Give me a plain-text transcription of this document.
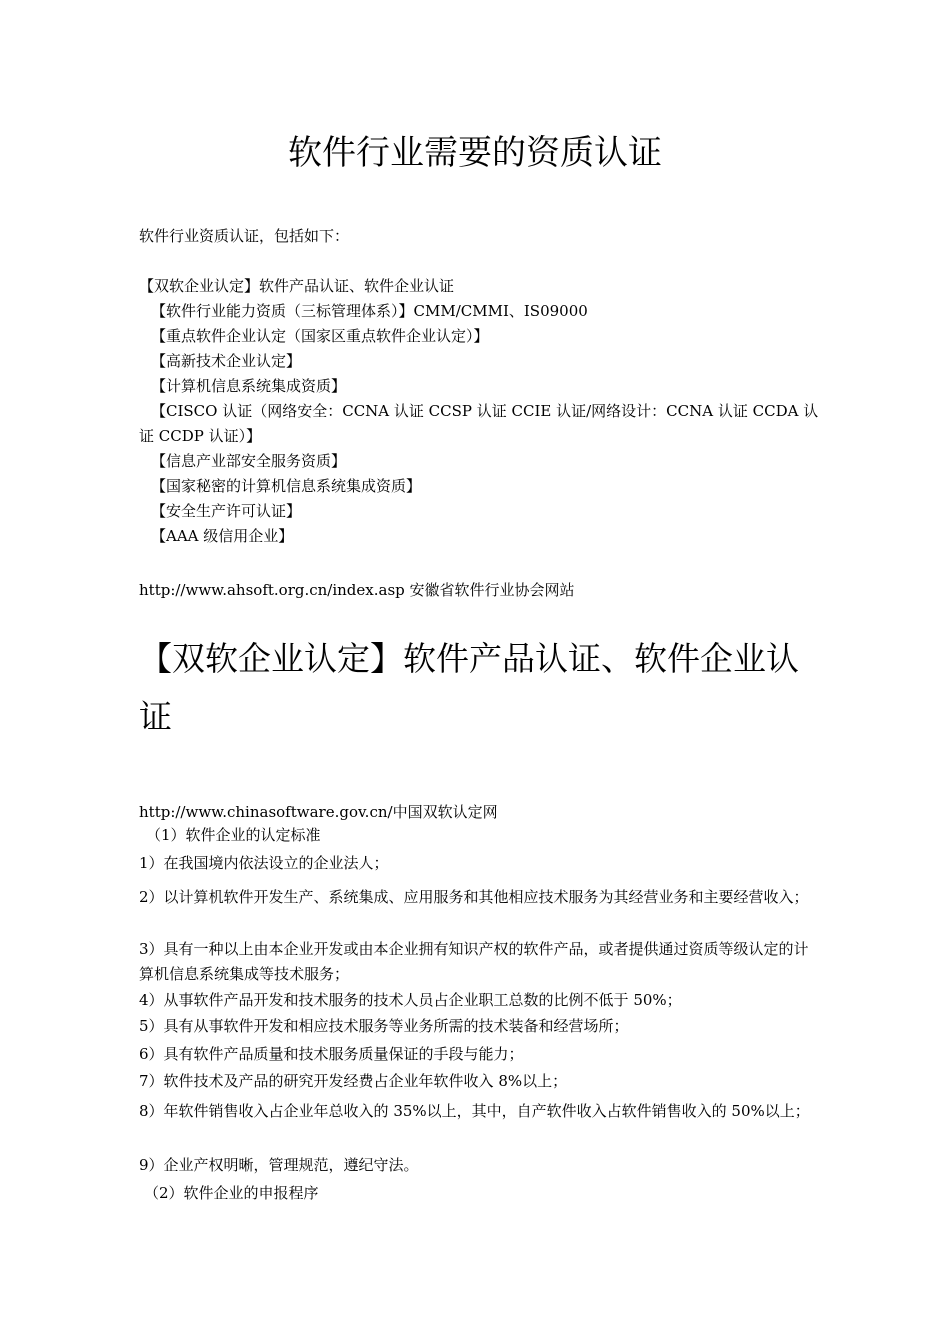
软件行业需要的资质认证

软件行业资质认证，包括如下：

【双软企业认定】软件产品认证、软件企业认证

【软件行业能力资质（三标管理体系）】CMM/CMMI、IS09000

【重点软件企业认定（国家区重点软件企业认定）】

【高新技术企业认定】

【计算机信息系统集成资质】

【CISCO 认证（网络安全：CCNA 认证 CCSP 认证 CCIE 认证/网络设计：CCNA 认证 CCDA 认证 CCDP 认证）】

【信息产业部安全服务资质】

【国家秘密的计算机信息系统集成资质】

【安全生产许可认证】

【AAA 级信用企业】

http://www.ahsoft.org.cn/index.asp 安徽省软件行业协会网站

【双软企业认定】软件产品认证、软件企业认证

http://www.chinasoftware.gov.cn/中国双软认定网

（1）软件企业的认定标准

1）在我国境内依法设立的企业法人；

2）以计算机软件开发生产、系统集成、应用服务和其他相应技术服务为其经营业务和主要经营收入；

3）具有一种以上由本企业开发或由本企业拥有知识产权的软件产品，或者提供通过资质等级认定的计算机信息系统集成等技术服务；

4）从事软件产品开发和技术服务的技术人员占企业职工总数的比例不低于 50%；

5）具有从事软件开发和相应技术服务等业务所需的技术装备和经营场所；

6）具有软件产品质量和技术服务质量保证的手段与能力；

7）软件技术及产品的研究开发经费占企业年软件收入 8%以上；

8）年软件销售收入占企业年总收入的 35%以上，其中，自产软件收入占软件销售收入的 50%以上；

9）企业产权明晰，管理规范，遵纪守法。

（2）软件企业的申报程序
